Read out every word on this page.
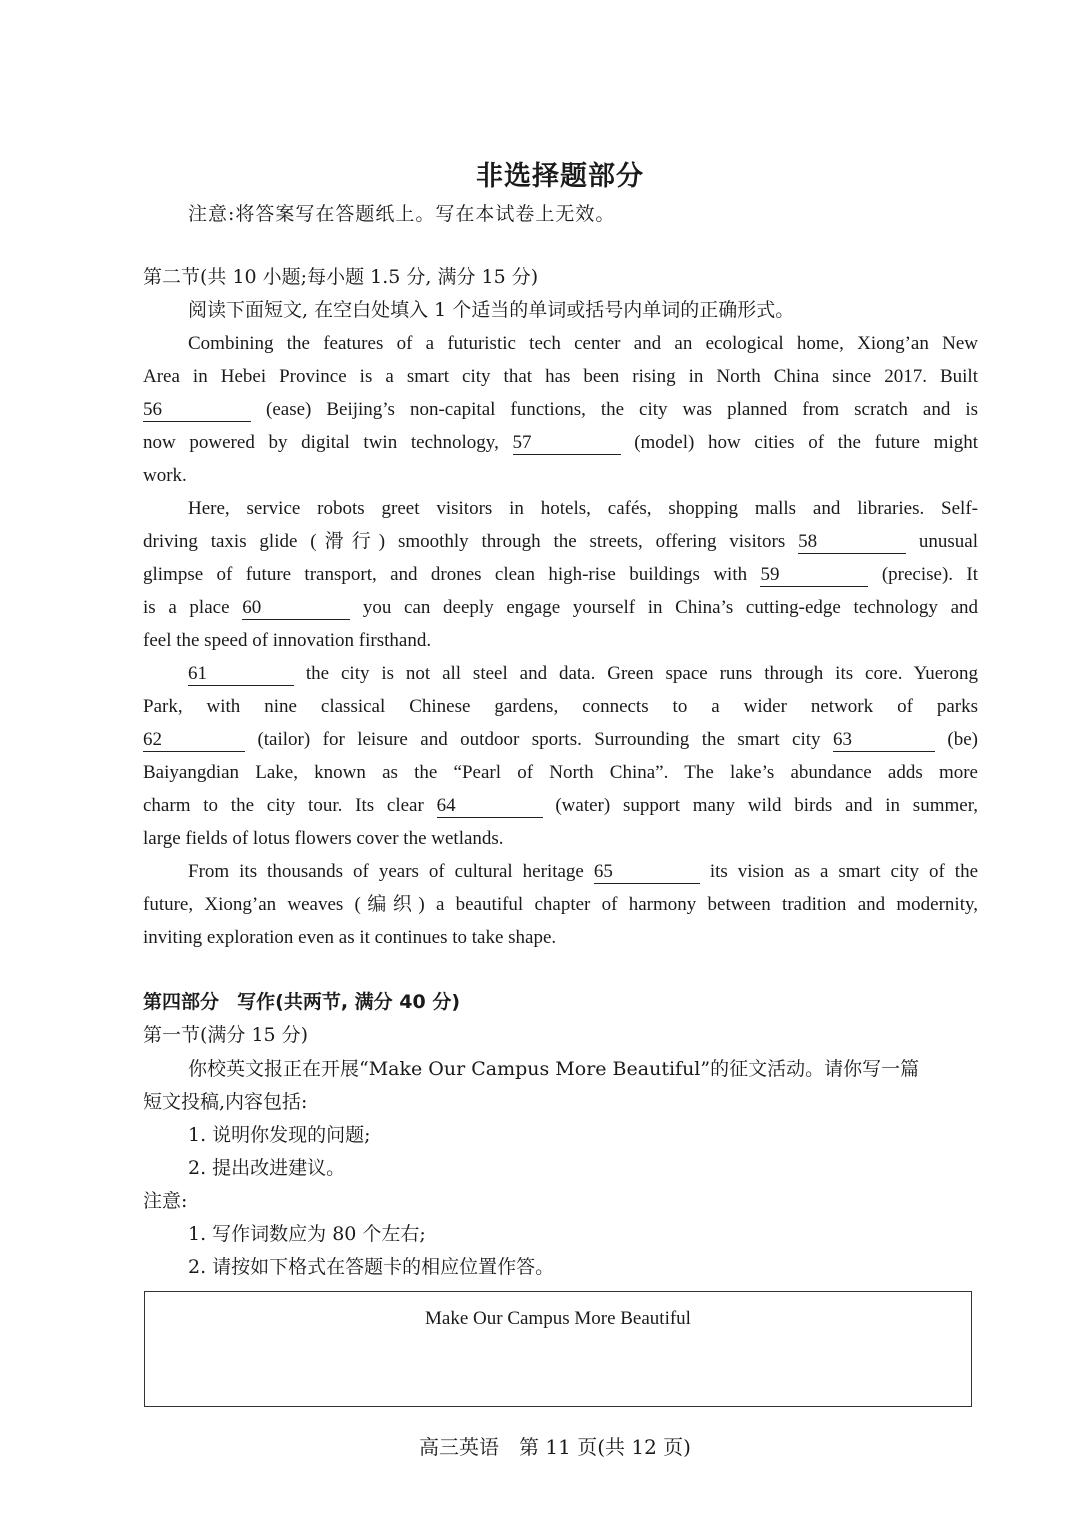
非选择题部分
注意:将答案写在答题纸上。写在本试卷上无效。
第二节(共 10 小题;每小题 1.5 分, 满分 15 分)
阅读下面短文, 在空白处填入 1 个适当的单词或括号内单词的正确形式。
Combining the features of a futuristic tech center and an ecological home, Xiong’an New
Area in Hebei Province is a smart city that has been rising in North China since 2017. Built
56	(ease) Beijing’s non-capital functions, the city was planned from scratch and is
now powered by digital twin technology, 57	(model) how cities of the future might
work.
Here, service robots greet visitors in hotels, cafés, shopping malls and libraries. Self-
driving taxis glide (滑行) smoothly through the streets, offering visitors 58	unusual
glimpse of future transport, and drones clean high-rise buildings with 59	(precise). It
is a place 60	you can deeply engage yourself in China’s cutting-edge technology and
feel the speed of innovation firsthand.
61	the city is not all steel and data. Green space runs through its core. Yuerong
Park, with nine classical Chinese gardens, connects to a wider network of parks
62	(tailor) for leisure and outdoor sports. Surrounding the smart city 63	(be)
Baiyangdian Lake, known as the “Pearl of North China”. The lake’s abundance adds more
charm to the city tour. Its clear 64	(water) support many wild birds and in summer,
large fields of lotus flowers cover the wetlands.
From its thousands of years of cultural heritage 65	its vision as a smart city of the
future, Xiong’an weaves (编织) a beautiful chapter of harmony between tradition and modernity,
inviting exploration even as it continues to take shape.
第四部分 写作(共两节, 满分 40 分)
第一节(满分 15 分)
你校英文报正在开展“Make Our Campus More Beautiful”的征文活动。请你写一篇
短文投稿,内容包括:
1. 说明你发现的问题;
2. 提出改进建议。
注意:
1. 写作词数应为 80 个左右;
2. 请按如下格式在答题卡的相应位置作答。
Make Our Campus More Beautiful
高三英语　第 11 页(共 12 页)
